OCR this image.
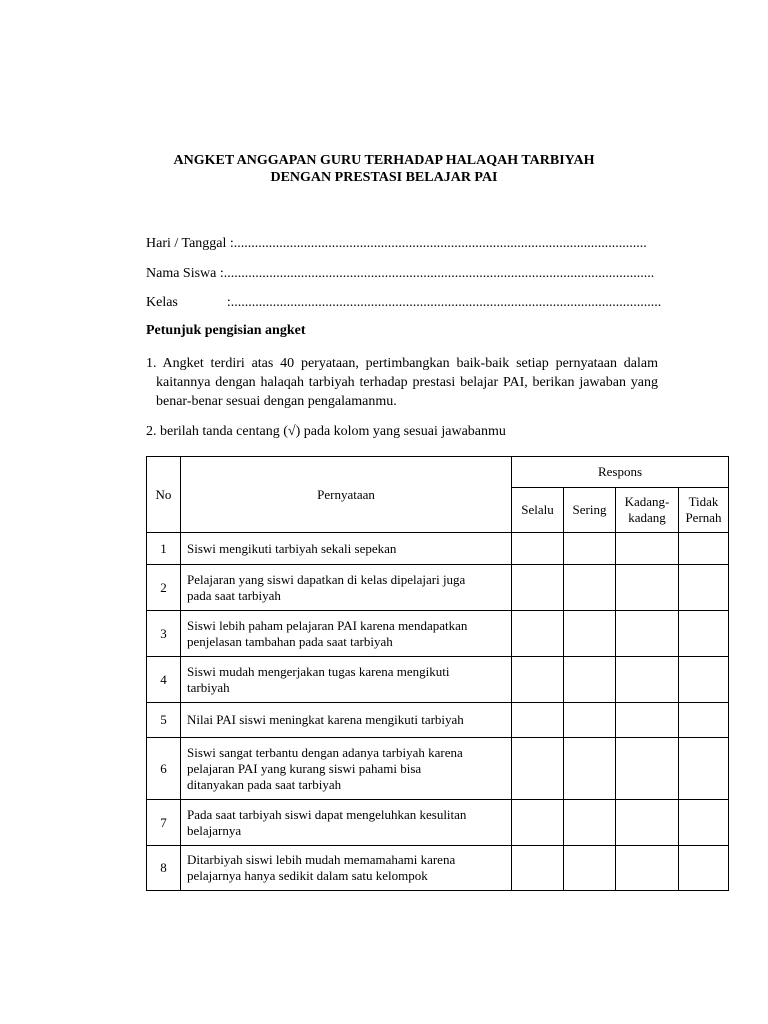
ANGKET ANGGAPAN GURU TERHADAP HALAQAH TARBIYAH
DENGAN PRESTASI BELAJAR PAI
Hari / Tanggal :......................................................................................................................
Nama Siswa :...........................................................................................................................
Kelas	:...........................................................................................................................
Petunjuk pengisian angket
1. Angket terdiri atas 40 peryataan, pertimbangkan baik-baik setiap pernyataan dalam
kaitannya dengan halaqah tarbiyah terhadap prestasi belajar PAI, berikan jawaban yang
benar-benar sesuai dengan pengalamanmu.
2. berilah tanda centang (√) pada kolom yang sesuai jawabanmu
No	Pernyataan	Respons			

		Selalu	Sering	Kadang-
kadang	Tidak
Pernah

1	Siswi mengikuti tarbiyah sekali sepekan				

2	Pelajaran yang siswi dapatkan di kelas dipelajari juga
pada saat tarbiyah				

3	Siswi lebih paham pelajaran PAI karena mendapatkan
penjelasan tambahan pada saat tarbiyah				

4	Siswi mudah mengerjakan tugas karena mengikuti
tarbiyah				

5	Nilai PAI siswi meningkat karena mengikuti tarbiyah				

6	Siswi sangat terbantu dengan adanya tarbiyah karena
pelajaran PAI yang kurang siswi pahami bisa
ditanyakan pada saat tarbiyah				

7	Pada saat tarbiyah siswi dapat mengeluhkan kesulitan
belajarnya				

8	Ditarbiyah siswi lebih mudah memamahami karena
pelajarnya hanya sedikit dalam satu kelompok				
